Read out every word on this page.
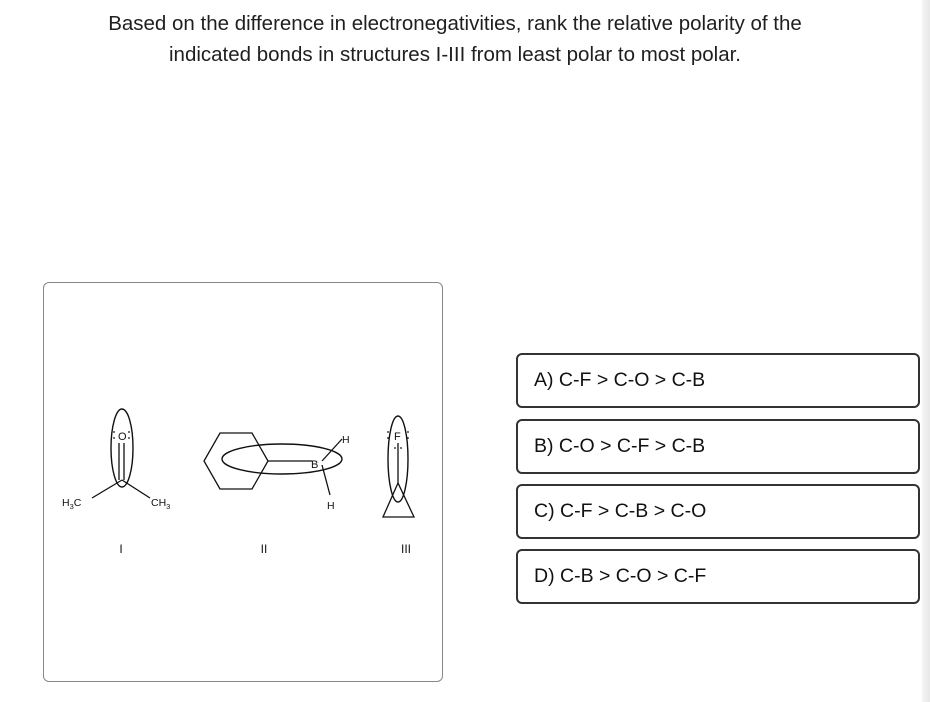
Based on the difference in electronegativities, rank the relative polarity of the
indicated bonds in structures I-III from least polar to most polar.
$H_3C$	$CH_3$
O
B
H
H
F
I	II	III
A) C-F > C-O > C-B
B) C-O > C-F > C-B
C) C-F > C-B > C-O
D) C-B > C-O > C-F
